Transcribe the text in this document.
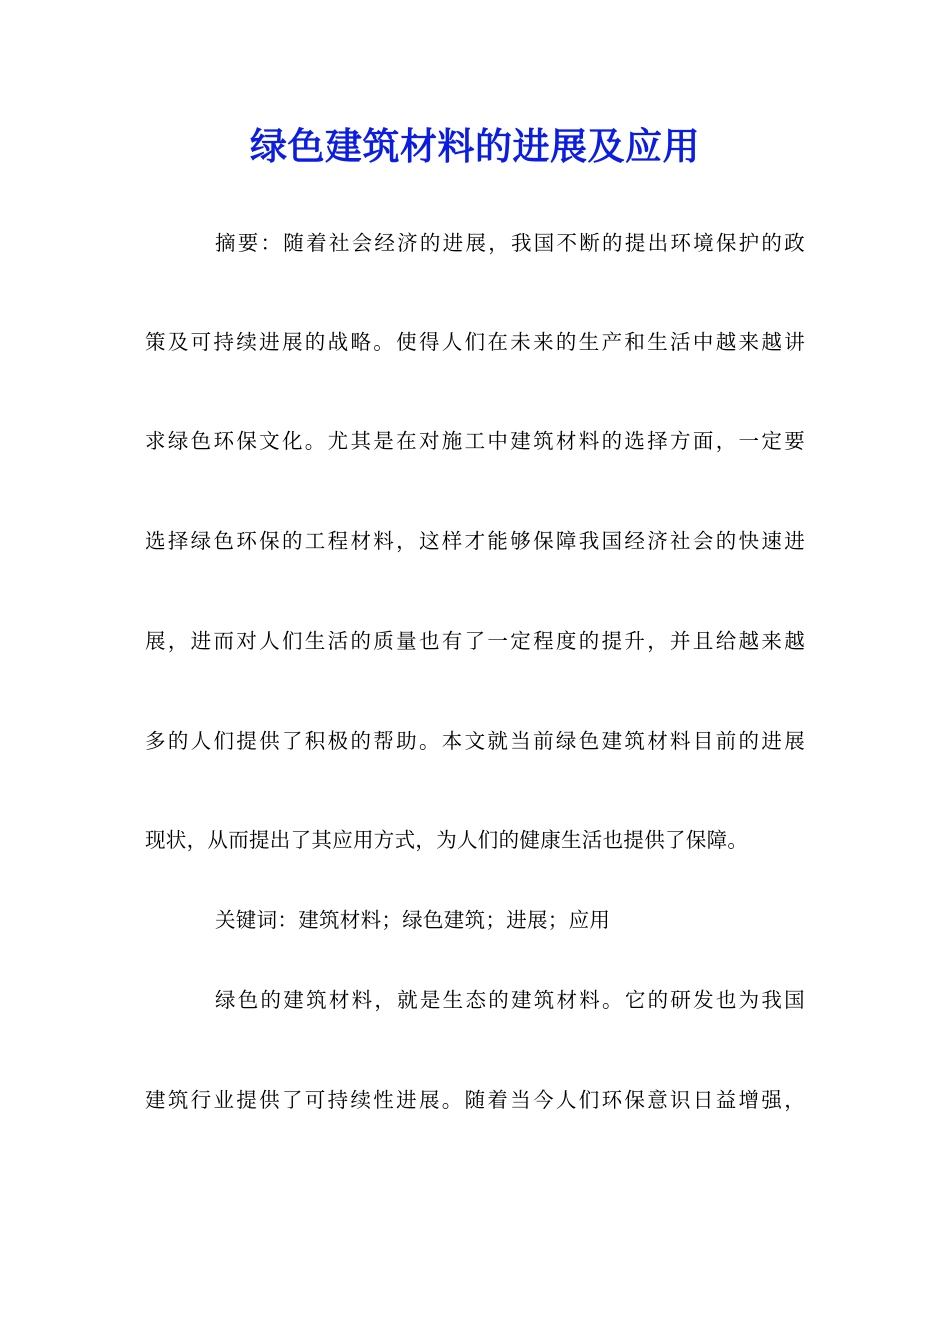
绿色建筑材料的进展及应用
摘要：随着社会经济的进展，我国不断的提出环境保护的政
策及可持续进展的战略。使得人们在未来的生产和生活中越来越讲
求绿色环保文化。尤其是在对施工中建筑材料的选择方面，一定要
选择绿色环保的工程材料，这样才能够保障我国经济社会的快速进
展，进而对人们生活的质量也有了一定程度的提升，并且给越来越
多的人们提供了积极的帮助。本文就当前绿色建筑材料目前的进展
现状，从而提出了其应用方式，为人们的健康生活也提供了保障。
关键词：建筑材料；绿色建筑；进展；应用
绿色的建筑材料，就是生态的建筑材料。它的研发也为我国
建筑行业提供了可持续性进展。随着当今人们环保意识日益增强，
